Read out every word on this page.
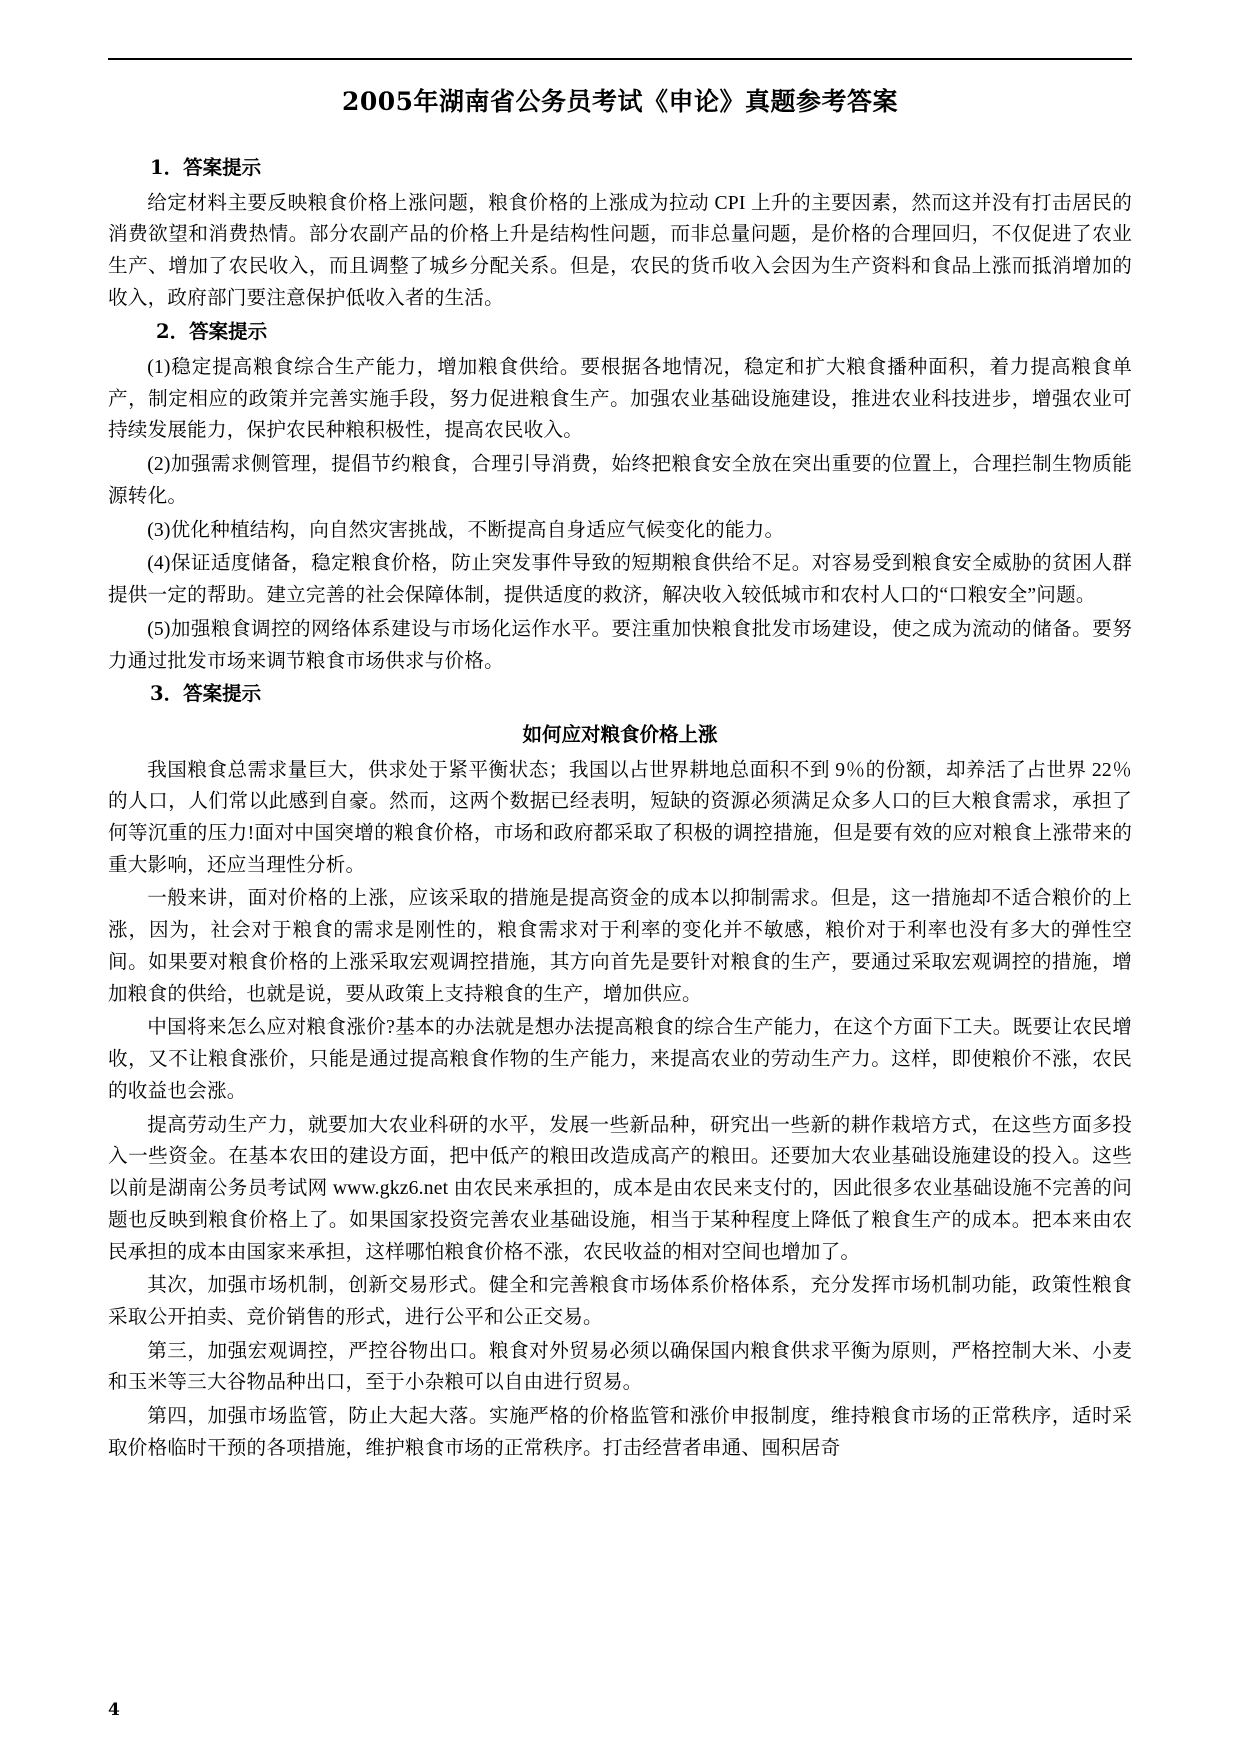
2005年湖南省公务员考试《申论》真题参考答案
1．答案提示

给定材料主要反映粮食价格上涨问题，粮食价格的上涨成为拉动 CPI 上升的主要因素，然而这并没有打击居民的消费欲望和消费热情。部分农副产品的价格上升是结构性问题，而非总量问题，是价格的合理回归，不仅促进了农业生产、增加了农民收入，而且调整了城乡分配关系。但是，农民的货币收入会因为生产资料和食品上涨而抵消增加的收入，政府部门要注意保护低收入者的生活。

2．答案提示

(1)稳定提高粮食综合生产能力，增加粮食供给。要根据各地情况，稳定和扩大粮食播种面积，着力提高粮食单产，制定相应的政策并完善实施手段，努力促进粮食生产。加强农业基础设施建设，推进农业科技进步，增强农业可持续发展能力，保护农民种粮积极性，提高农民收入。

(2)加强需求侧管理，提倡节约粮食，合理引导消费，始终把粮食安全放在突出重要的位置上，合理拦制生物质能源转化。

(3)优化种植结构，向自然灾害挑战，不断提高自身适应气候变化的能力。

(4)保证适度储备，稳定粮食价格，防止突发事件导致的短期粮食供给不足。对容易受到粮食安全威胁的贫困人群提供一定的帮助。建立完善的社会保障体制，提供适度的救济，解决收入较低城市和农村人口的“口粮安全”问题。

(5)加强粮食调控的网络体系建设与市场化运作水平。要注重加快粮食批发市场建设，使之成为流动的储备。要努力通过批发市场来调节粮食市场供求与价格。

3．答案提示
如何应对粮食价格上涨

我国粮食总需求量巨大，供求处于紧平衡状态；我国以占世界耕地总面积不到 9％的份额，却养活了占世界 22％的人口，人们常以此感到自豪。然而，这两个数据已经表明，短缺的资源必须满足众多人口的巨大粮食需求，承担了何等沉重的压力!面对中国突增的粮食价格，市场和政府都采取了积极的调控措施，但是要有效的应对粮食上涨带来的重大影响，还应当理性分析。

一般来讲，面对价格的上涨，应该采取的措施是提高资金的成本以抑制需求。但是，这一措施却不适合粮价的上涨，因为，社会对于粮食的需求是刚性的，粮食需求对于利率的变化并不敏感，粮价对于利率也没有多大的弹性空间。如果要对粮食价格的上涨采取宏观调控措施，其方向首先是要针对粮食的生产，要通过采取宏观调控的措施，增加粮食的供给，也就是说，要从政策上支持粮食的生产，增加供应。

中国将来怎么应对粮食涨价?基本的办法就是想办法提高粮食的综合生产能力，在这个方面下工夫。既要让农民增收，又不让粮食涨价，只能是通过提高粮食作物的生产能力，来提高农业的劳动生产力。这样，即使粮价不涨，农民的收益也会涨。

提高劳动生产力，就要加大农业科研的水平，发展一些新品种，研究出一些新的耕作栽培方式，在这些方面多投入一些资金。在基本农田的建设方面，把中低产的粮田改造成高产的粮田。还要加大农业基础设施建设的投入。这些以前是湖南公务员考试网 www.gkz6.net 由农民来承担的，成本是由农民来支付的，因此很多农业基础设施不完善的问题也反映到粮食价格上了。如果国家投资完善农业基础设施，相当于某种程度上降低了粮食生产的成本。把本来由农民承担的成本由国家来承担，这样哪怕粮食价格不涨，农民收益的相对空间也增加了。

其次，加强市场机制，创新交易形式。健全和完善粮食市场体系价格体系，充分发挥市场机制功能，政策性粮食采取公开拍卖、竞价销售的形式，进行公平和公正交易。

第三，加强宏观调控，严控谷物出口。粮食对外贸易必须以确保国内粮食供求平衡为原则，严格控制大米、小麦和玉米等三大谷物品种出口，至于小杂粮可以自由进行贸易。

第四，加强市场监管，防止大起大落。实施严格的价格监管和涨价申报制度，维持粮食市场的正常秩序，适时采取价格临时干预的各项措施，维护粮食市场的正常秩序。打击经营者串通、囤积居奇

4
